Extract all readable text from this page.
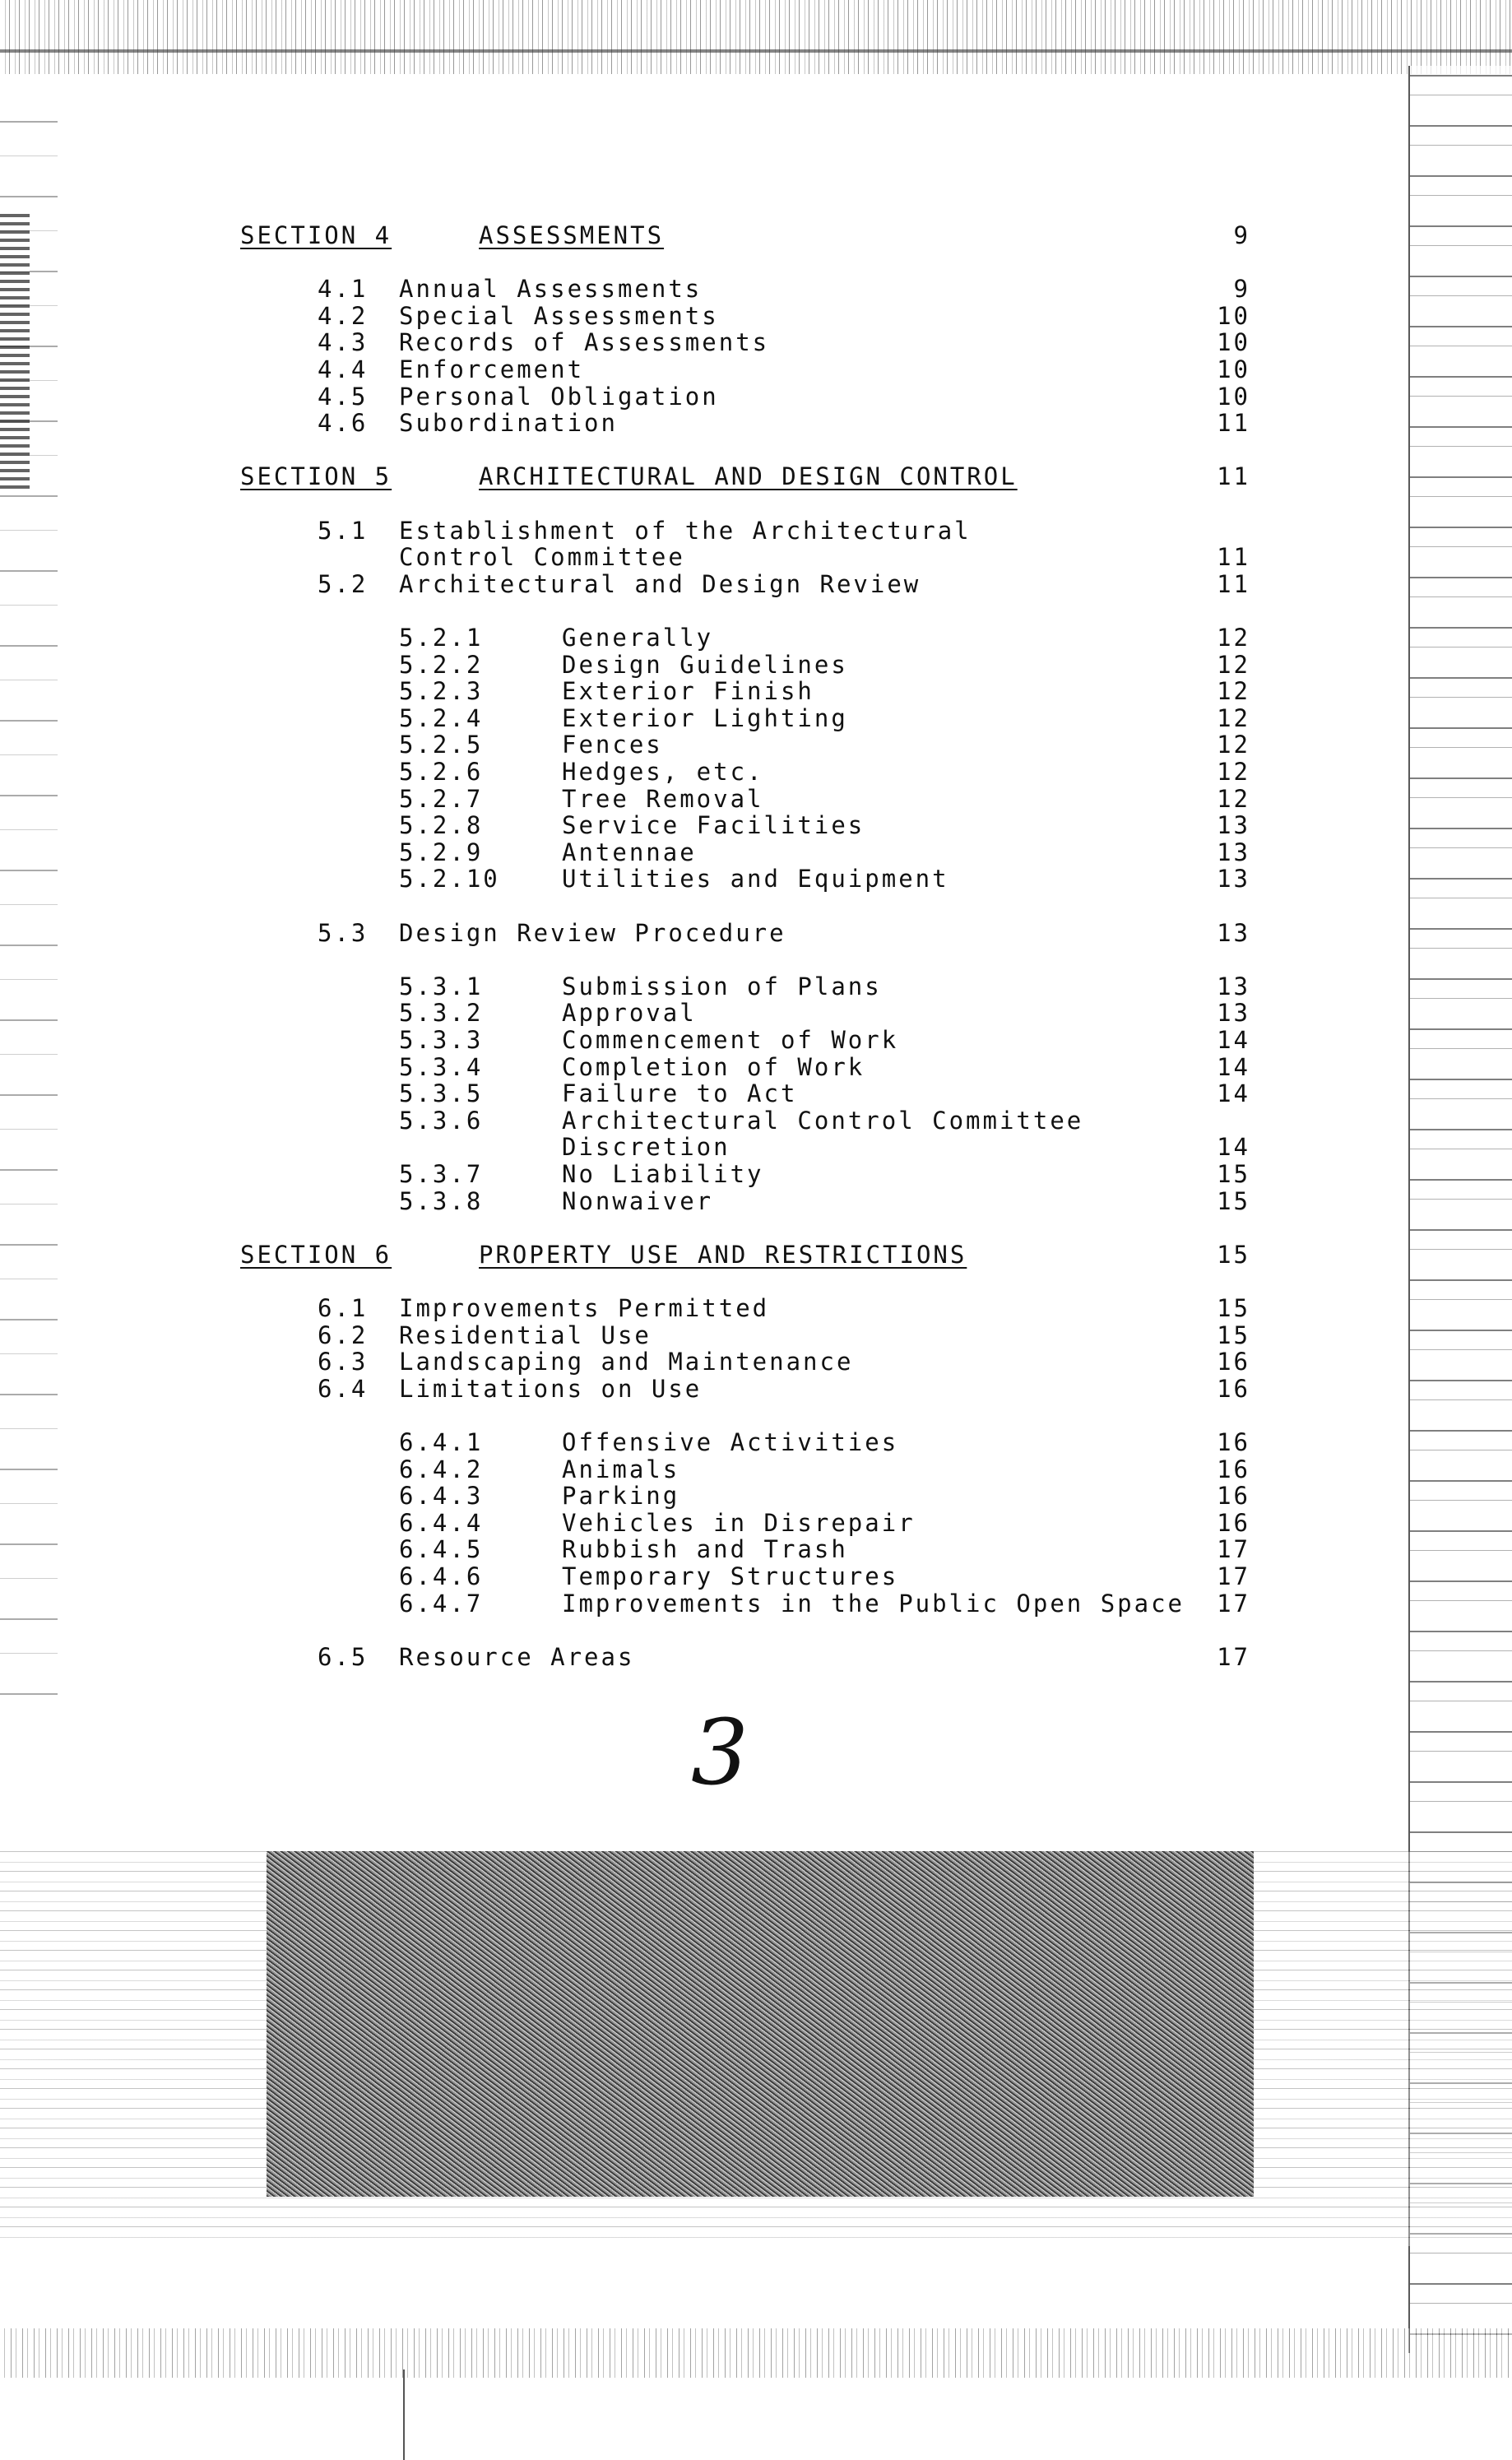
SECTION 4	ASSESSMENTS	9
4.1 Annual Assessments	9
4.2 Special Assessments	10
4.3 Records of Assessments	10
4.4 Enforcement	10
4.5 Personal Obligation	10
4.6 Subordination	11
SECTION 5	ARCHITECTURAL AND DESIGN CONTROL	11
5.1 Establishment of the Architectural
Control Committee	11
5.2 Architectural and Design Review	11
5.2.1	Generally	12
5.2.2	Design Guidelines	12
5.2.3	Exterior Finish	12
5.2.4	Exterior Lighting	12
5.2.5	Fences	12
5.2.6	Hedges, etc.	12
5.2.7	Tree Removal	12
5.2.8	Service Facilities	13
5.2.9	Antennae	13
5.2.10	Utilities and Equipment	13
5.3 Design Review Procedure	13
5.3.1	Submission of Plans	13
5.3.2	Approval	13
5.3.3	Commencement of Work	14
5.3.4	Completion of Work	14
5.3.5	Failure to Act	14
5.3.6	Architectural Control Committee
Discretion	14
5.3.7	No Liability	15
5.3.8	Nonwaiver	15
SECTION 6	PROPERTY USE AND RESTRICTIONS	15
6.1 Improvements Permitted	15
6.2 Residential Use	15
6.3 Landscaping and Maintenance	16
6.4 Limitations on Use	16
6.4.1	Offensive Activities	16
6.4.2	Animals	16
6.4.3	Parking	16
6.4.4	Vehicles in Disrepair	16
6.4.5	Rubbish and Trash	17
6.4.6	Temporary Structures	17
6.4.7	Improvements in the Public Open Space	17
6.5 Resource Areas	17
3
